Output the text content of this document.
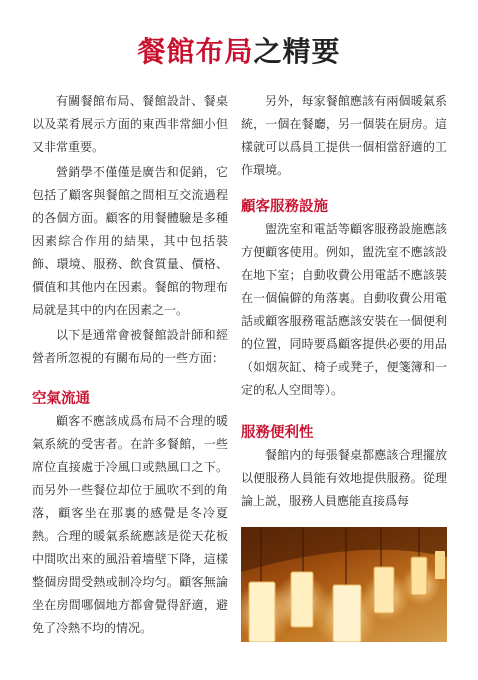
餐館布局之精要

有關餐館布局、餐館設計、餐桌以及菜肴展示方面的東西非常細小但又非常重要。

營銷學不僅僅是廣告和促銷，它包括了顧客與餐館之間相互交流過程的各個方面。顧客的用餐體驗是多種因素綜合作用的結果，其中包括裝飾、環境、服務、飲食質量、價格、價值和其他内在因素。餐館的物理布局就是其中的内在因素之一。

以下是通常會被餐館設計師和經營者所忽視的有關布局的一些方面：

空氣流通

顧客不應該成爲布局不合理的暖氣系統的受害者。在許多餐館，一些席位直接處于冷風口或熱風口之下。而另外一些餐位却位于風吹不到的角落，顧客坐在那裏的感覺是冬冷夏熱。合理的暖氣系統應該是從天花板中間吹出來的風沿着墻壁下降，這樣整個房間受熱或制冷均匀。顧客無論坐在房間哪個地方都會覺得舒適，避免了冷熱不均的情况。

另外，每家餐館應該有兩個暖氣系統，一個在餐廳，另一個裝在厨房。這樣就可以爲員工提供一個相當舒適的工作環境。

顧客服務設施

盥洗室和電話等顧客服務設施應該方便顧客使用。例如，盥洗室不應該設在地下室；自動收費公用電話不應該裝在一個偏僻的角落裏。自動收費公用電話或顧客服務電話應該安裝在一個便利的位置，同時要爲顧客提供必要的用品（如烟灰缸、椅子或凳子，便箋簿和一定的私人空間等）。

服務便利性

餐館内的每張餐桌都應該合理擺放以便服務人員能有效地提供服務。從理論上説，服務人員應能直接爲每
